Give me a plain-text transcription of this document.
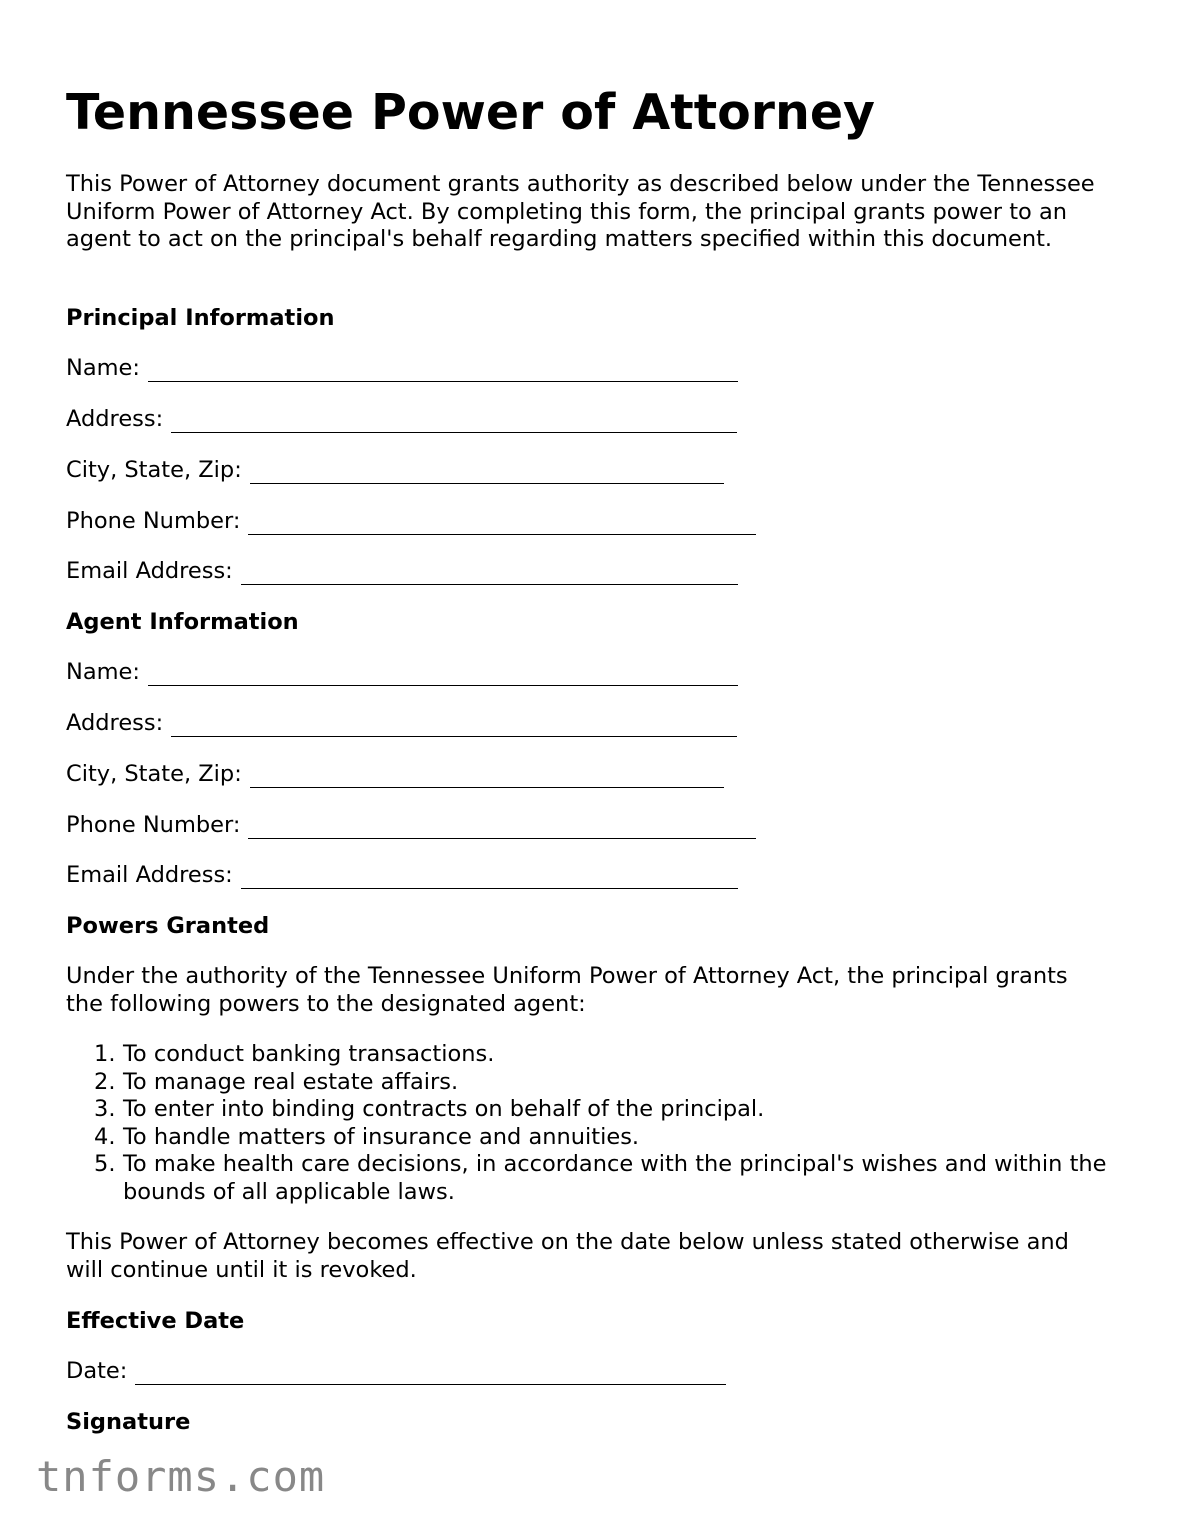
Tennessee Power of Attorney

This Power of Attorney document grants authority as described below under the Tennessee Uniform Power of Attorney Act. By completing this form, the principal grants power to an agent to act on the principal's behalf regarding matters specified within this document.

Principal Information
Name:
Address:
City, State, Zip:
Phone Number:
Email Address:
Agent Information
Name:
Address:
City, State, Zip:
Phone Number:
Email Address:
Powers Granted

Under the authority of the Tennessee Uniform Power of Attorney Act, the principal grants the following powers to the designated agent:

1. To conduct banking transactions.
2. To manage real estate affairs.
3. To enter into binding contracts on behalf of the principal.
4. To handle matters of insurance and annuities.
5. To make health care decisions, in accordance with the principal's wishes and within the bounds of all applicable laws.

This Power of Attorney becomes effective on the date below unless stated otherwise and will continue until it is revoked.

Effective Date
Date:
Signature
tnforms.com
